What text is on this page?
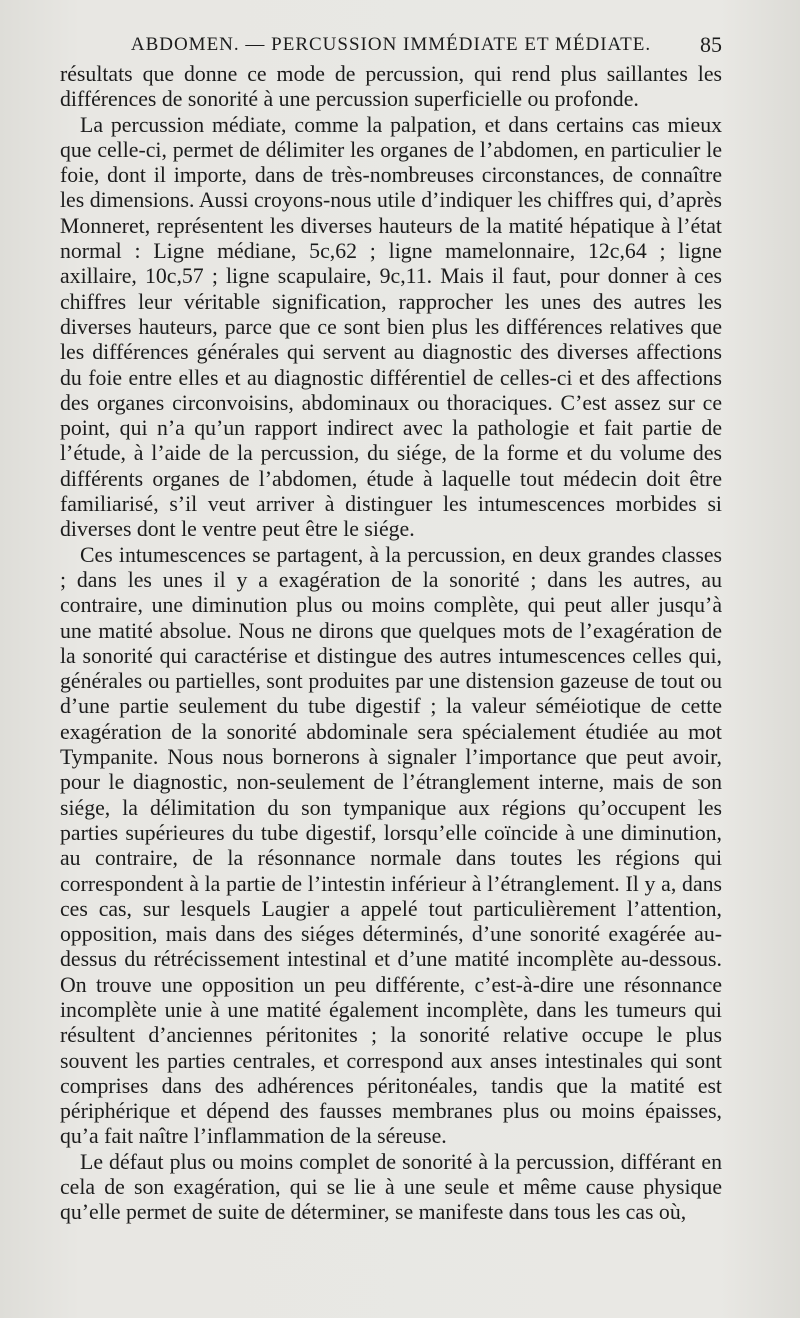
ABDOMEN. — PERCUSSION IMMÉDIATE ET MÉDIATE.	85

résultats que donne ce mode de percussion, qui rend plus saillantes les différences de sonorité à une percussion superficielle ou profonde.

La percussion médiate, comme la palpation, et dans certains cas mieux que celle-ci, permet de délimiter les organes de l’abdomen, en particulier le foie, dont il importe, dans de très-nombreuses circonstances, de connaître les dimensions. Aussi croyons-nous utile d’indiquer les chiffres qui, d’après Monneret, représentent les diverses hauteurs de la matité hépatique à l’état normal : Ligne médiane, 5c,62 ; ligne mamelonnaire, 12c,64 ; ligne axillaire, 10c,57 ; ligne scapulaire, 9c,11. Mais il faut, pour donner à ces chiffres leur véritable signification, rapprocher les unes des autres les diverses hauteurs, parce que ce sont bien plus les différences relatives que les différences générales qui servent au diagnostic des diverses affections du foie entre elles et au diagnostic différentiel de celles-ci et des affections des organes circonvoisins, abdominaux ou thoraciques. C’est assez sur ce point, qui n’a qu’un rapport indirect avec la pathologie et fait partie de l’étude, à l’aide de la percussion, du siége, de la forme et du volume des différents organes de l’abdomen, étude à laquelle tout médecin doit être familiarisé, s’il veut arriver à distinguer les intumescences morbides si diverses dont le ventre peut être le siége.

Ces intumescences se partagent, à la percussion, en deux grandes classes ; dans les unes il y a exagération de la sonorité ; dans les autres, au contraire, une diminution plus ou moins complète, qui peut aller jusqu’à une matité absolue. Nous ne dirons que quelques mots de l’exagération de la sonorité qui caractérise et distingue des autres intumescences celles qui, générales ou partielles, sont produites par une distension gazeuse de tout ou d’une partie seulement du tube digestif ; la valeur séméiotique de cette exagération de la sonorité abdominale sera spécialement étudiée au mot Tympanite. Nous nous bornerons à signaler l’importance que peut avoir, pour le diagnostic, non-seulement de l’étranglement interne, mais de son siége, la délimitation du son tympanique aux régions qu’occupent les parties supérieures du tube digestif, lorsqu’elle coïncide à une diminution, au contraire, de la résonnance normale dans toutes les régions qui correspondent à la partie de l’intestin inférieur à l’étranglement. Il y a, dans ces cas, sur lesquels Laugier a appelé tout particulièrement l’attention, opposition, mais dans des siéges déterminés, d’une sonorité exagérée au-dessus du rétrécissement intestinal et d’une matité incomplète au-dessous. On trouve une opposition un peu différente, c’est-à-dire une résonnance incomplète unie à une matité également incomplète, dans les tumeurs qui résultent d’anciennes péritonites ; la sonorité relative occupe le plus souvent les parties centrales, et correspond aux anses intestinales qui sont comprises dans des adhérences péritonéales, tandis que la matité est périphérique et dépend des fausses membranes plus ou moins épaisses, qu’a fait naître l’inflammation de la séreuse.

Le défaut plus ou moins complet de sonorité à la percussion, différant en cela de son exagération, qui se lie à une seule et même cause physique qu’elle permet de suite de déterminer, se manifeste dans tous les cas où,
